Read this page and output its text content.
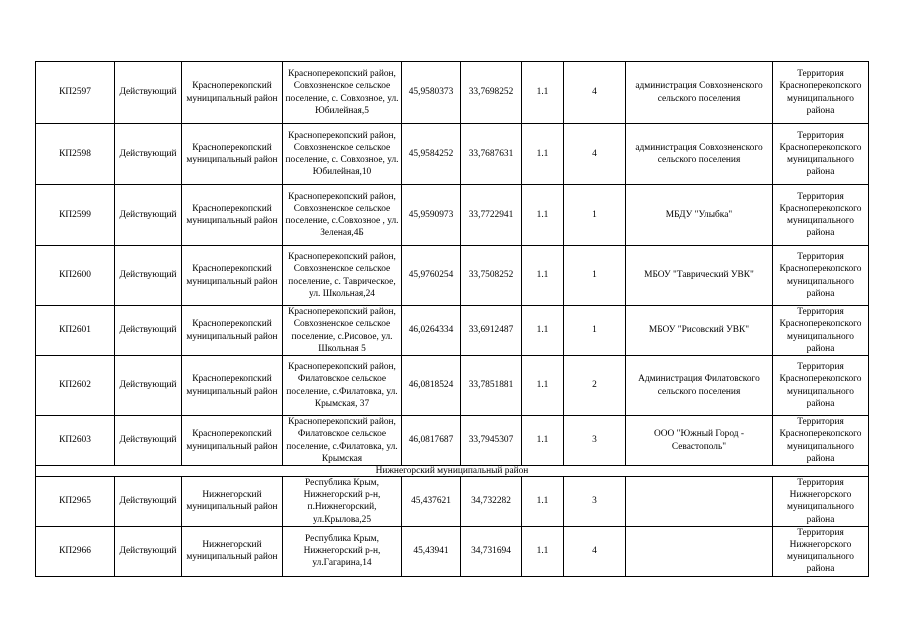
КП2597	Действующий	Красноперекопский муниципальный район	Красноперекопский район, Совхозненское сельское поселение, с. Совхозное, ул. Юбилейная,5	45,9580373	33,7698252	1.1	4	администрация Совхозненского сельского поселения	Территория Красноперекопского муниципального района
КП2598	Действующий	Красноперекопский муниципальный район	Красноперекопский район, Совхозненское сельское поселение, с. Совхозное, ул. Юбилейная,10	45,9584252	33,7687631	1.1	4	администрация Совхозненского сельского поселения	Территория Красноперекопского муниципального района
КП2599	Действующий	Красноперекопский муниципальный район	Красноперекопский район, Совхозненское сельское поселение, с.Совхозное , ул. Зеленая,4Б	45,9590973	33,7722941	1.1	1	МБДУ "Улыбка"	Территория Красноперекопского муниципального района
КП2600	Действующий	Красноперекопский муниципальный район	Красноперекопский район, Совхозненское сельское поселение, с. Таврическое, ул. Школьная,24	45,9760254	33,7508252	1.1	1	МБОУ "Таврический УВК"	Территория Красноперекопского муниципального района
КП2601	Действующий	Красноперекопский муниципальный район	Красноперекопский район, Совхозненское сельское поселение, с.Рисовое, ул. Школьная 5	46,0264334	33,6912487	1.1	1	МБОУ "Рисовский УВК"	Территория Красноперекопского муниципального района
КП2602	Действующий	Красноперекопский муниципальный район	Красноперекопский район, Филатовское сельское поселение, с.Филатовка, ул. Крымская, 37	46,0818524	33,7851881	1.1	2	Администрация Филатовского сельского поселения	Территория Красноперекопского муниципального района
КП2603	Действующий	Красноперекопский муниципальный район	Красноперекопский район, Филатовское сельское поселение, с.Филатовка, ул. Крымская	46,0817687	33,7945307	1.1	3	ООО "Южный Город - Севастополь"	Территория Красноперекопского муниципального района
Нижнегорский муниципальный район									
КП2965	Действующий	Нижнегорский муниципальный район	Республика Крым, Нижнегорский р-н, п.Нижнегорский, ул.Крылова,25	45,437621	34,732282	1.1	3		Территория Нижнегорского муниципального района
КП2966	Действующий	Нижнегорский муниципальный район	Республика Крым, Нижнегорский р-н, ул.Гагарина,14	45,43941	34,731694	1.1	4		Территория Нижнегорского муниципального района
